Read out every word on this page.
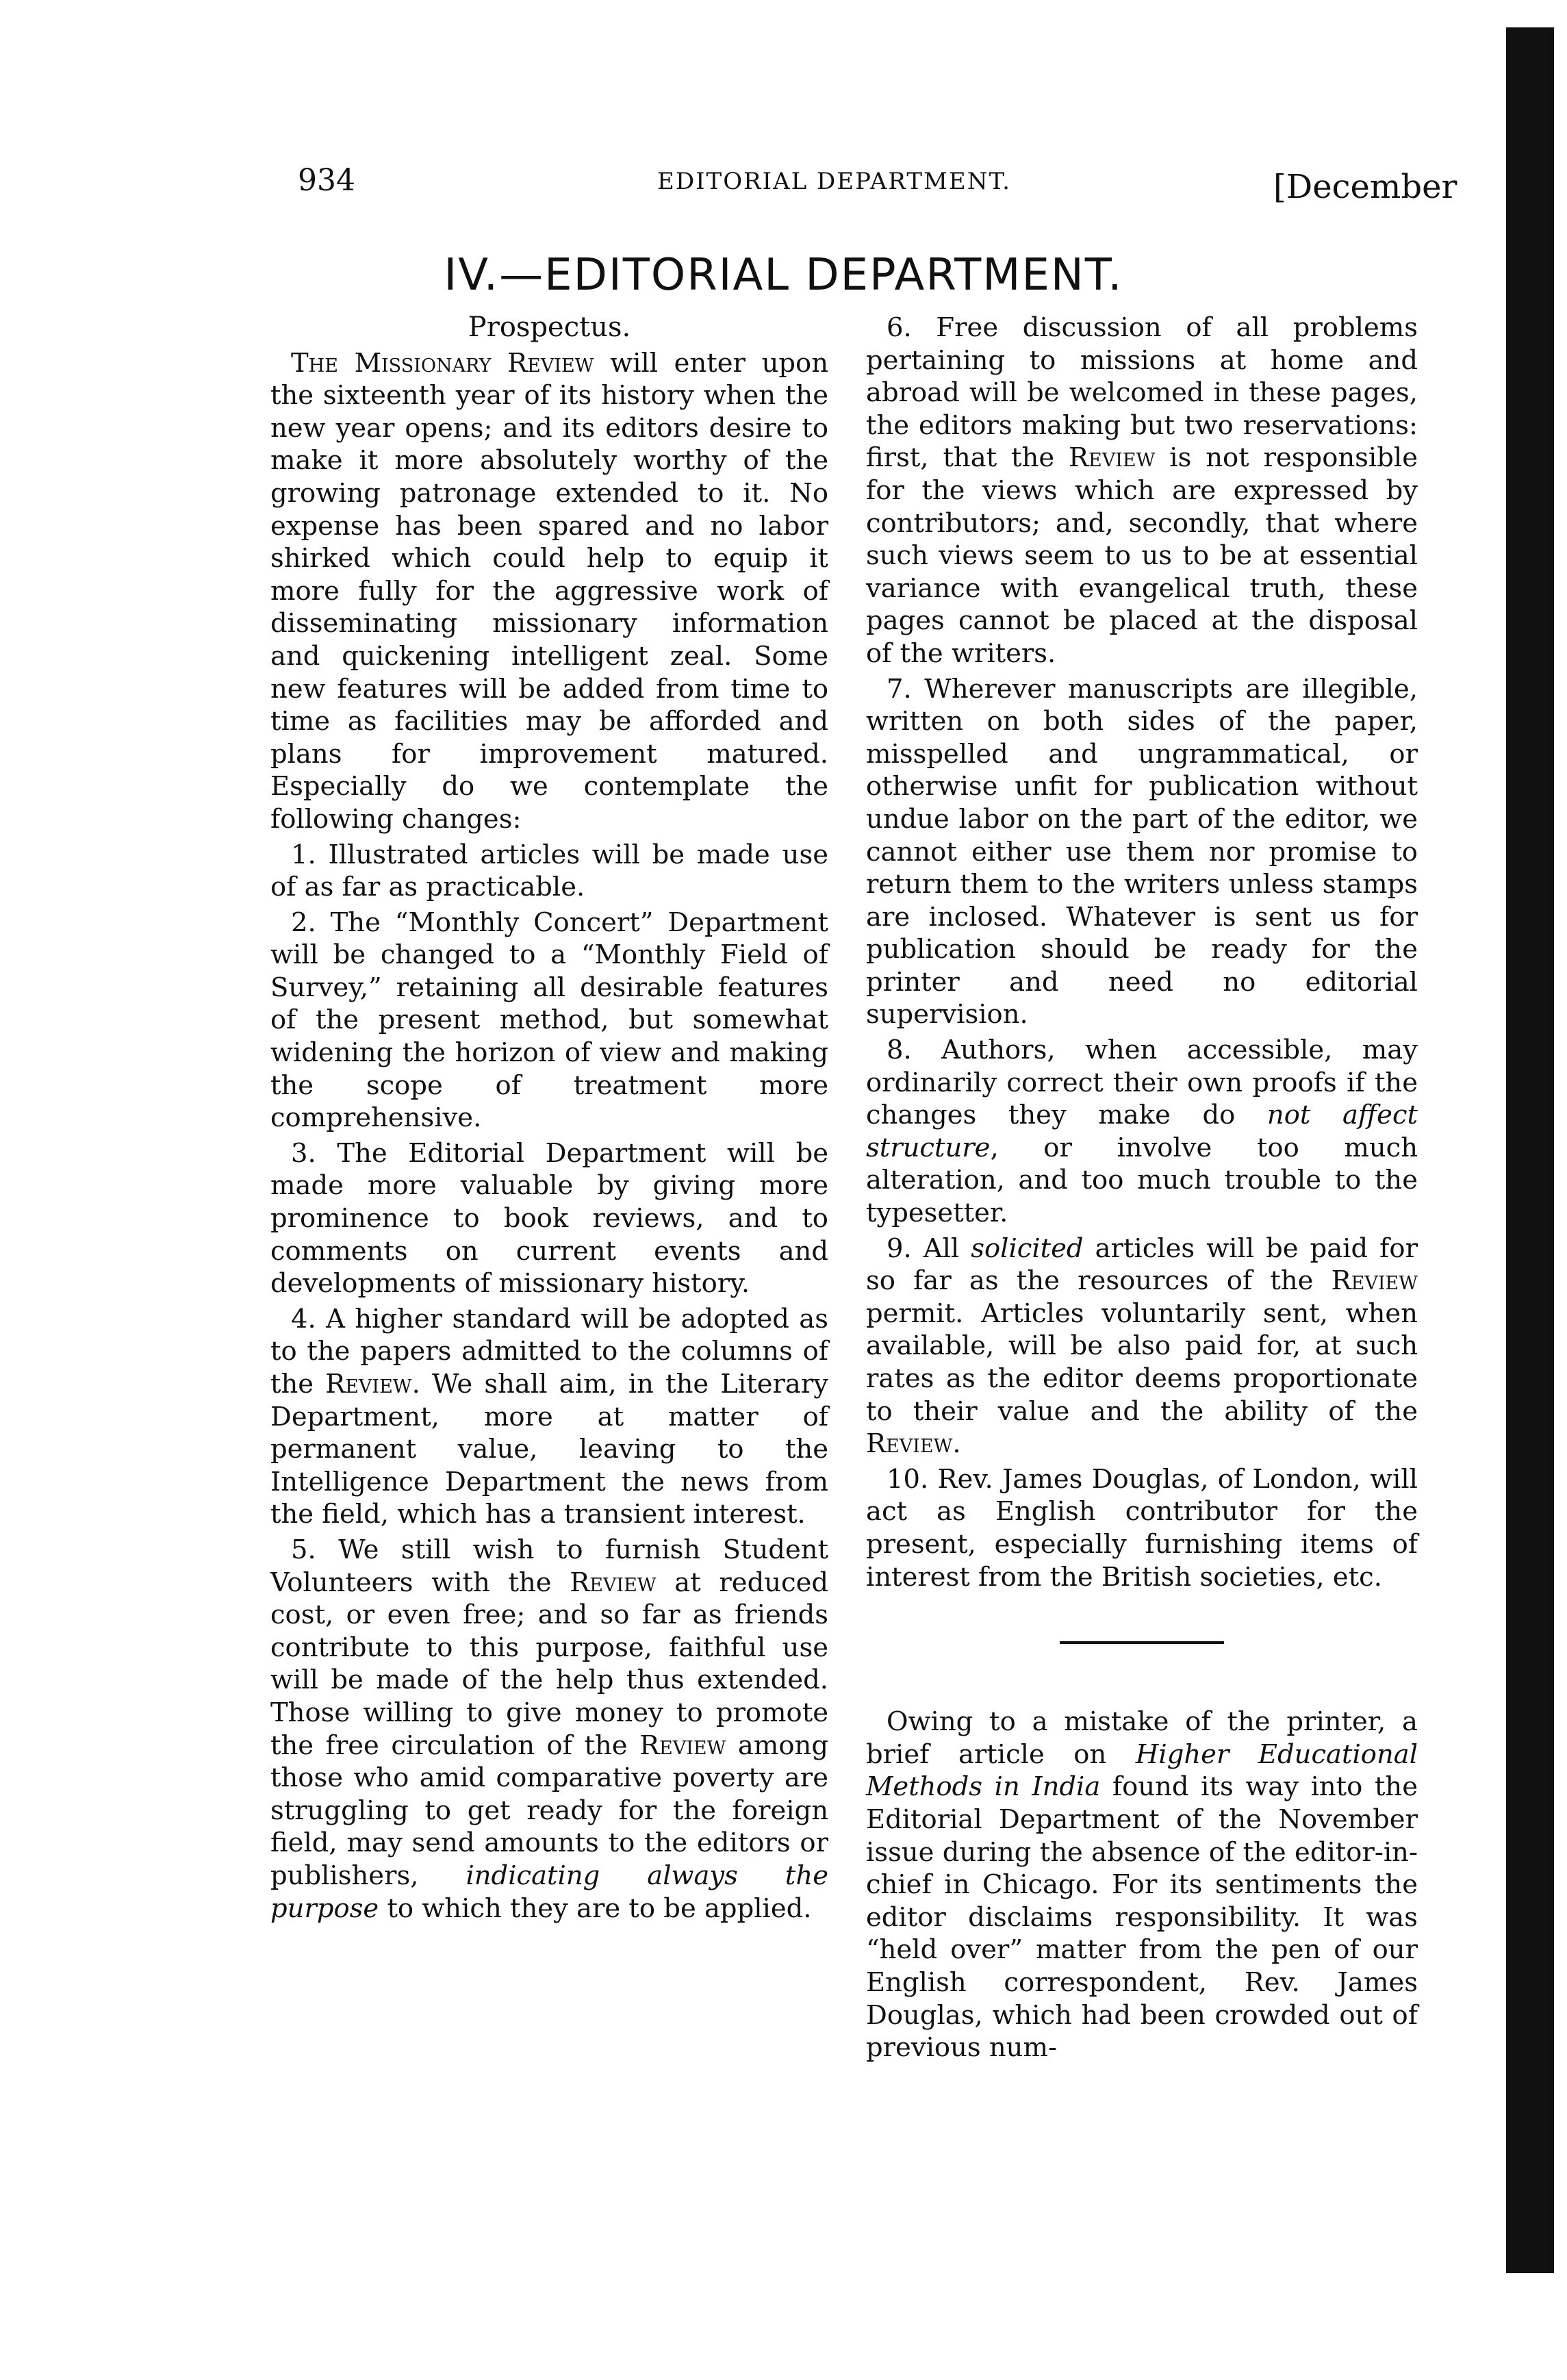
934	EDITORIAL DEPARTMENT.	[December
IV.—EDITORIAL DEPARTMENT.
Prospectus.

The Missionary Review will enter upon the sixteenth year of its history when the new year opens; and its editors desire to make it more absolutely worthy of the growing patronage extended to it. No expense has been spared and no labor shirked which could help to equip it more fully for the aggressive work of disseminating missionary information and quickening intelligent zeal. Some new features will be added from time to time as facilities may be afforded and plans for improvement matured. Especially do we contemplate the following changes:

1. Illustrated articles will be made use of as far as practicable.

2. The “Monthly Concert” Department will be changed to a “Monthly Field of Survey,” retaining all desirable features of the present method, but somewhat widening the horizon of view and making the scope of treatment more comprehensive.

3. The Editorial Department will be made more valuable by giving more prominence to book reviews, and to comments on current events and developments of missionary history.

4. A higher standard will be adopted as to the papers admitted to the columns of the Review. We shall aim, in the Literary Department, more at matter of permanent value, leaving to the Intelligence Department the news from the field, which has a transient interest.

5. We still wish to furnish Student Volunteers with the Review at reduced cost, or even free; and so far as friends contribute to this purpose, faithful use will be made of the help thus extended. Those willing to give money to promote the free circulation of the Review among those who amid comparative poverty are struggling to get ready for the foreign field, may send amounts to the editors or publishers, indicating always the purpose to which they are to be applied.

6. Free discussion of all problems pertaining to missions at home and abroad will be welcomed in these pages, the editors making but two reservations: first, that the Review is not responsible for the views which are expressed by contributors; and, secondly, that where such views seem to us to be at essential variance with evangelical truth, these pages cannot be placed at the disposal of the writers.

7. Wherever manuscripts are illegible, written on both sides of the paper, misspelled and ungrammatical, or otherwise unfit for publication without undue labor on the part of the editor, we cannot either use them nor promise to return them to the writers unless stamps are inclosed. Whatever is sent us for publication should be ready for the printer and need no editorial supervision.

8. Authors, when accessible, may ordinarily correct their own proofs if the changes they make do not affect structure, or involve too much alteration, and too much trouble to the typesetter.

9. All solicited articles will be paid for so far as the resources of the Review permit. Articles voluntarily sent, when available, will be also paid for, at such rates as the editor deems proportionate to their value and the ability of the Review.

10. Rev. James Douglas, of London, will act as English contributor for the present, especially furnishing items of interest from the British societies, etc.

Owing to a mistake of the printer, a brief article on Higher Educational Methods in India found its way into the Editorial Department of the November issue during the absence of the editor-in-chief in Chicago. For its sentiments the editor disclaims responsibility. It was “held over” matter from the pen of our English correspondent, Rev. James Douglas, which had been crowded out of previous num-
